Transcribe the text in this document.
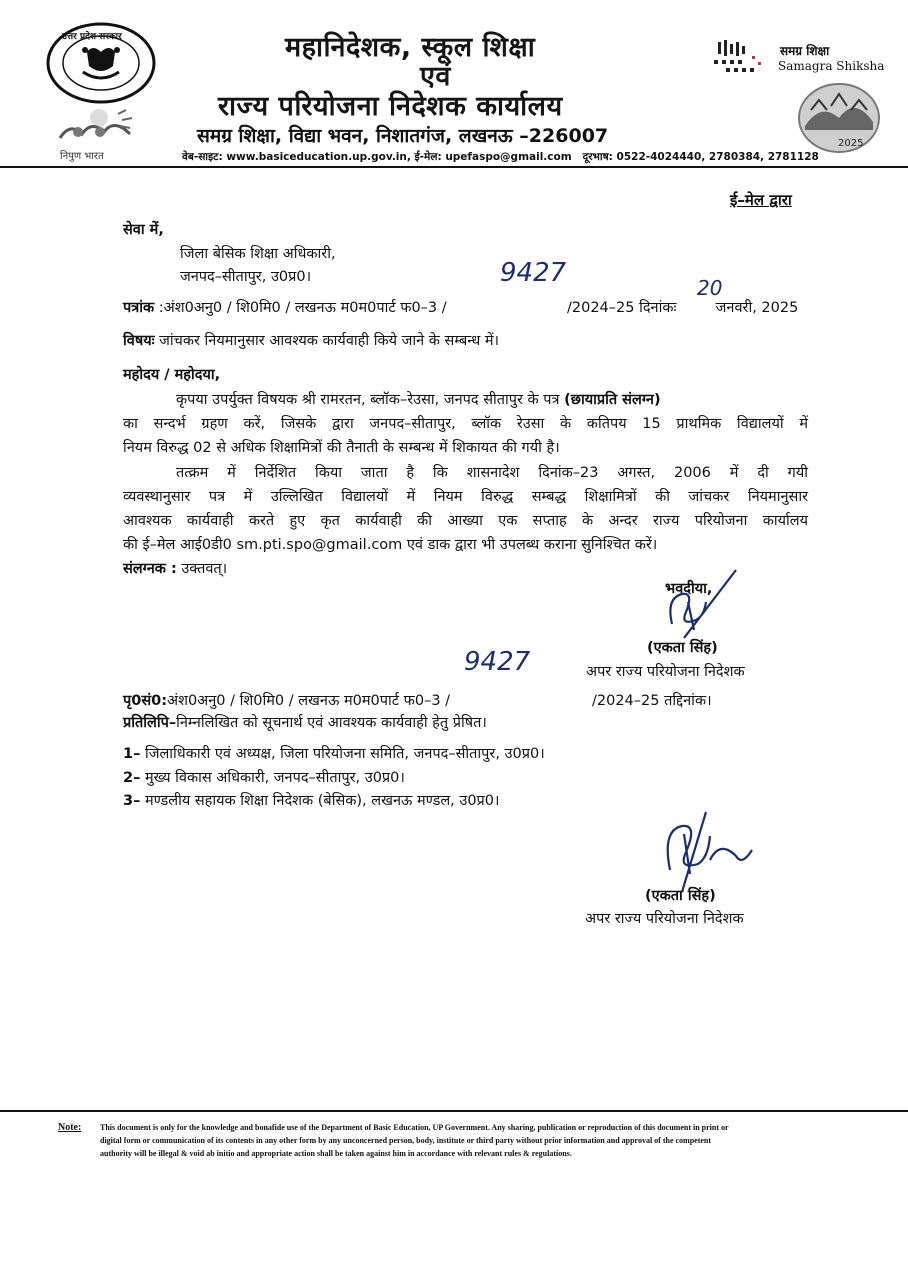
उत्तर प्रदेश सरकार
निपुण भारत
महानिदेशक, स्कूल शिक्षा
एवं
राज्य परियोजना निदेशक कार्यालय
समग्र शिक्षा, विद्या भवन, निशातगंज, लखनऊ –226007
वेब-साइट: www.basiceducation.up.gov.in, ई-मेल: upefaspo@gmail.com दूरभाष: 0522-4024440, 2780384, 2781128
समग्र शिक्षा
Samagra Shiksha
2025
ई–मेल द्वारा
सेवा में,
जिला बेसिक शिक्षा अधिकारी,
जनपद–सीतापुर, उ0प्र0।	9427	20
पत्रांक :अंश0अनु0 / शि0मि0 / लखनऊ म0म0पार्ट फ0–3 /	/2024–25 दिनांकः	जनवरी, 2025
विषयः जांचकर नियमानुसार आवश्यक कार्यवाही किये जाने के सम्बन्ध में।
महोदय / महोदया,
कृपया उपर्युक्त विषयक श्री रामरतन, ब्लॉक–रेउसा, जनपद सीतापुर के पत्र (छायाप्रति संलग्न)
का सन्दर्भ ग्रहण करें, जिसके द्वारा जनपद–सीतापुर, ब्लॉक रेउसा के कतिपय 15 प्राथमिक विद्यालयों में
नियम विरुद्ध 02 से अधिक शिक्षामित्रों की तैनाती के सम्बन्ध में शिकायत की गयी है।
तत्क्रम में निर्देशित किया जाता है कि शासनादेश दिनांक–23 अगस्त, 2006 में दी गयी
व्यवस्थानुसार पत्र में उल्लिखित विद्यालयों में नियम विरुद्ध सम्बद्ध शिक्षामित्रों की जांचकर नियमानुसार
आवश्यक कार्यवाही करते हुए कृत कार्यवाही की आख्या एक सप्ताह के अन्दर राज्य परियोजना कार्यालय
की ई–मेल आई0डी0 sm.pti.spo@gmail.com एवं डाक द्वारा भी उपलब्ध कराना सुनिश्चित करें।
संलग्नक : उक्तवत्।
भवदीया,
(एकता सिंह)
9427	अपर राज्य परियोजना निदेशक
पृ0सं0:अंश0अनु0 / शि0मि0 / लखनऊ म0म0पार्ट फ0–3 /	/2024–25 तद्दिनांक।
प्रतिलिपि–निम्नलिखित को सूचनार्थ एवं आवश्यक कार्यवाही हेतु प्रेषित।
1– जिलाधिकारी एवं अध्यक्ष, जिला परियोजना समिति, जनपद–सीतापुर, उ0प्र0।
2– मुख्य विकास अधिकारी, जनपद–सीतापुर, उ0प्र0।
3– मण्डलीय सहायक शिक्षा निदेशक (बेसिक), लखनऊ मण्डल, उ0प्र0।
(एकता सिंह)
अपर राज्य परियोजना निदेशक
Note: This document is only for the knowledge and bonafide use of the Department of Basic Education, UP Government. Any sharing, publication or reproduction of this document in print or
digital form or communication of its contents in any other form by any unconcerned person, body, institute or third party without prior information and approval of the competent
authority will be illegal & void ab initio and appropriate action shall be taken against him in accordance with relevant rules & regulations.
